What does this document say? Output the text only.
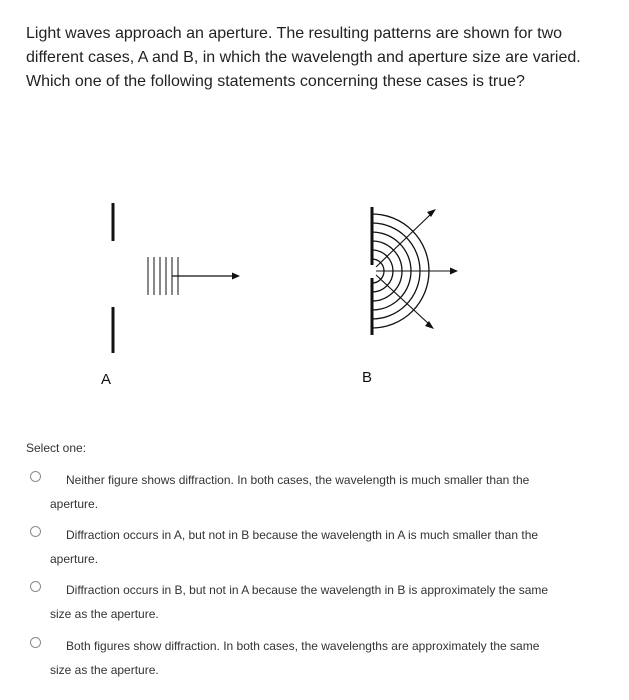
Light waves approach an aperture. The resulting patterns are shown for two different cases, A and B, in which the wavelength and aperture size are varied. Which one of the following statements concerning these cases is true?
A	B
Select one:
Neither figure shows diffraction. In both cases, the wavelength is much smaller than the aperture.
Diffraction occurs in A, but not in B because the wavelength in A is much smaller than the aperture.
Diffraction occurs in B, but not in A because the wavelength in B is approximately the same size as the aperture.
Both figures show diffraction. In both cases, the wavelengths are approximately the same size as the aperture.
